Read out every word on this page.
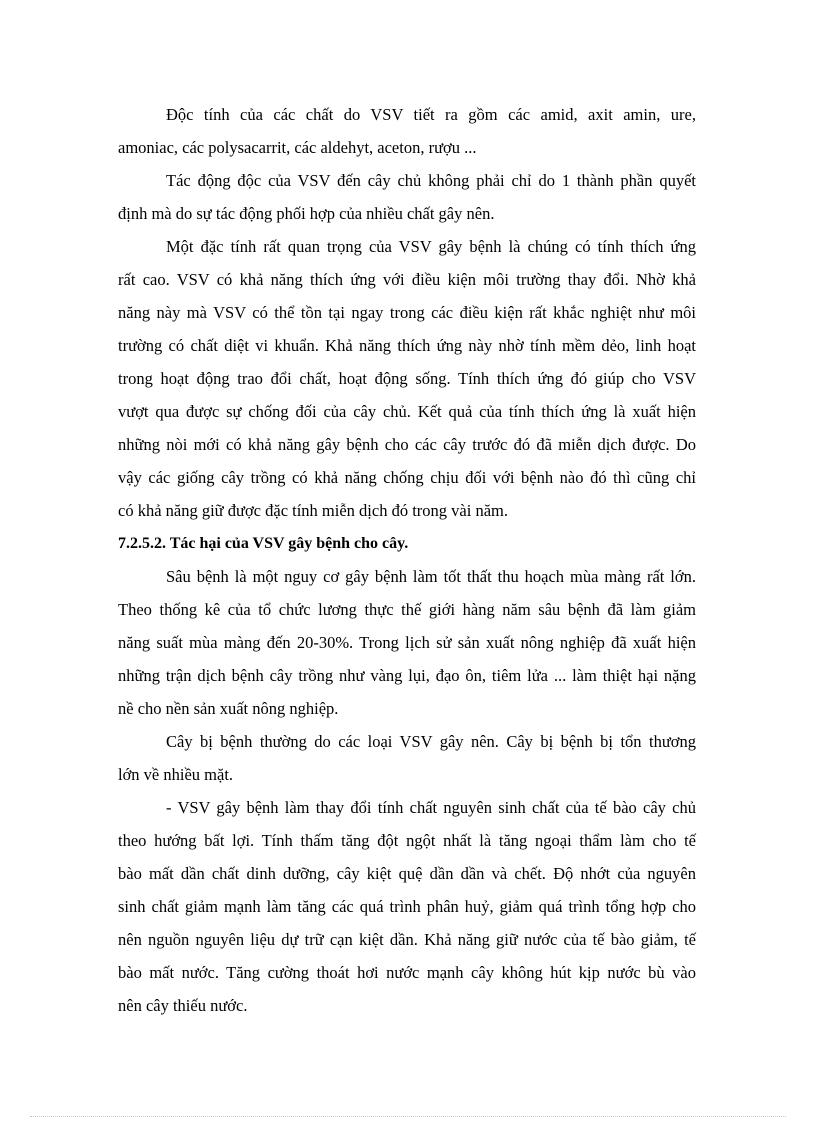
Độc tính của các chất do VSV tiết ra gồm các amid, axit amin, ure,
amoniac, các polysacarrit, các aldehyt, aceton, rượu ...
Tác động độc của VSV đến cây chủ không phải chỉ do 1 thành phần quyết
định mà do sự tác động phối hợp của nhiều chất gây nên.
Một đặc tính rất quan trọng của VSV gây bệnh là chúng có tính thích ứng
rất cao. VSV có khả năng thích ứng với điều kiện môi trường thay đổi. Nhờ khả
năng này mà VSV có thể tồn tại ngay trong các điều kiện rất khắc nghiệt như môi
trường có chất diệt vi khuẩn. Khả năng thích ứng này nhờ tính mềm dẻo, linh hoạt
trong hoạt động trao đổi chất, hoạt động sống. Tính thích ứng đó giúp cho VSV
vượt qua được sự chống đối của cây chủ. Kết quả của tính thích ứng là xuất hiện
những nòi mới có khả năng gây bệnh cho các cây trước đó đã miễn dịch được. Do
vậy các giống cây trồng có khả năng chống chịu đối với bệnh nào đó thì cũng chỉ
có khả năng giữ được đặc tính miễn dịch đó trong vài năm.
7.2.5.2. Tác hại của VSV gây bệnh cho cây.
Sâu bệnh là một nguy cơ gây bệnh làm tốt thất thu hoạch mùa màng rất lớn.
Theo thống kê của tổ chức lương thực thế giới hàng năm sâu bệnh đã làm giảm
năng suất mùa màng đến 20-30%. Trong lịch sử sản xuất nông nghiệp đã xuất hiện
những trận dịch bệnh cây trồng như vàng lụi, đạo ôn, tiêm lửa ... làm thiệt hại nặng
nề cho nền sản xuất nông nghiệp.
Cây bị bệnh thường do các loại VSV gây nên. Cây bị bệnh bị tổn thương
lớn về nhiều mặt.
- VSV gây bệnh làm thay đổi tính chất nguyên sinh chất của tế bào cây chủ
theo hướng bất lợi. Tính thấm tăng đột ngột nhất là tăng ngoại thẩm làm cho tế
bào mất dần chất dinh dưỡng, cây kiệt quệ dần dần và chết. Độ nhớt của nguyên
sinh chất giảm mạnh làm tăng các quá trình phân huỷ, giảm quá trình tổng hợp cho
nên nguồn nguyên liệu dự trữ cạn kiệt dần. Khả năng giữ nước của tế bào giảm, tế
bào mất nước. Tăng cường thoát hơi nước mạnh cây không hút kịp nước bù vào
nên cây thiếu nước.
